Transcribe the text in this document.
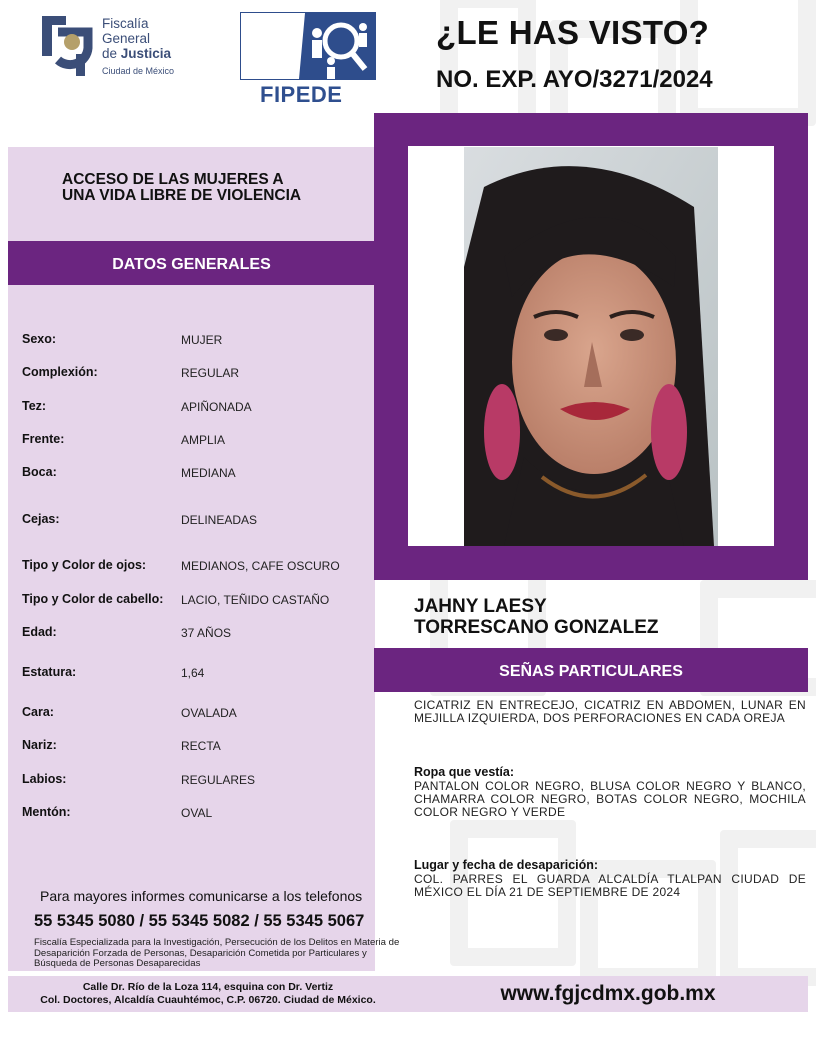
Fiscalía
General
de Justicia
Ciudad de México
FIPEDE
¿LE HAS VISTO?
NO. EXP. AYO/3271/2024
ACCESO DE LAS MUJERES A UNA VIDA LIBRE DE VIOLENCIA
DATOS GENERALES
Sexo:	MUJER
Complexión:	REGULAR
Tez:	APIÑONADA
Frente:	AMPLIA
Boca:	MEDIANA
Cejas:	DELINEADAS
Tipo y Color de ojos:	MEDIANOS, CAFE OSCURO
Tipo y Color de cabello: LACIO, TEÑIDO CASTAÑO
Edad:	37 AÑOS
Estatura:	1,64
Cara:	OVALADA
Nariz:	RECTA
Labios:	REGULARES
Mentón:	OVAL
Para mayores informes comunicarse a los telefonos
55 5345 5080 / 55 5345 5082 / 55 5345 5067
Fiscalía Especializada para la Investigación, Persecución de los Delitos en Materia de Desaparición Forzada de Personas, Desaparición Cometida por Particulares y Búsqueda de Personas Desaparecidas
Calle Dr. Río de la Loza 114, esquina con Dr. Vertiz
Col. Doctores, Alcaldía Cuauhtémoc, C.P. 06720. Ciudad de México.	www.fgjcdmx.gob.mx
JAHNY LAESY
TORRESCANO GONZALEZ
SEÑAS PARTICULARES
CICATRIZ EN ENTRECEJO, CICATRIZ EN ABDOMEN, LUNAR EN MEJILLA IZQUIERDA, DOS PERFORACIONES EN CADA OREJA
Ropa que vestía:
PANTALON COLOR NEGRO, BLUSA COLOR NEGRO Y BLANCO, CHAMARRA COLOR NEGRO, BOTAS COLOR NEGRO, MOCHILA COLOR NEGRO Y VERDE
Lugar y fecha de desaparición:
COL. PARRES EL GUARDA ALCALDÍA TLALPAN CIUDAD DE MÉXICO EL DÍA 21 DE SEPTIEMBRE DE 2024
